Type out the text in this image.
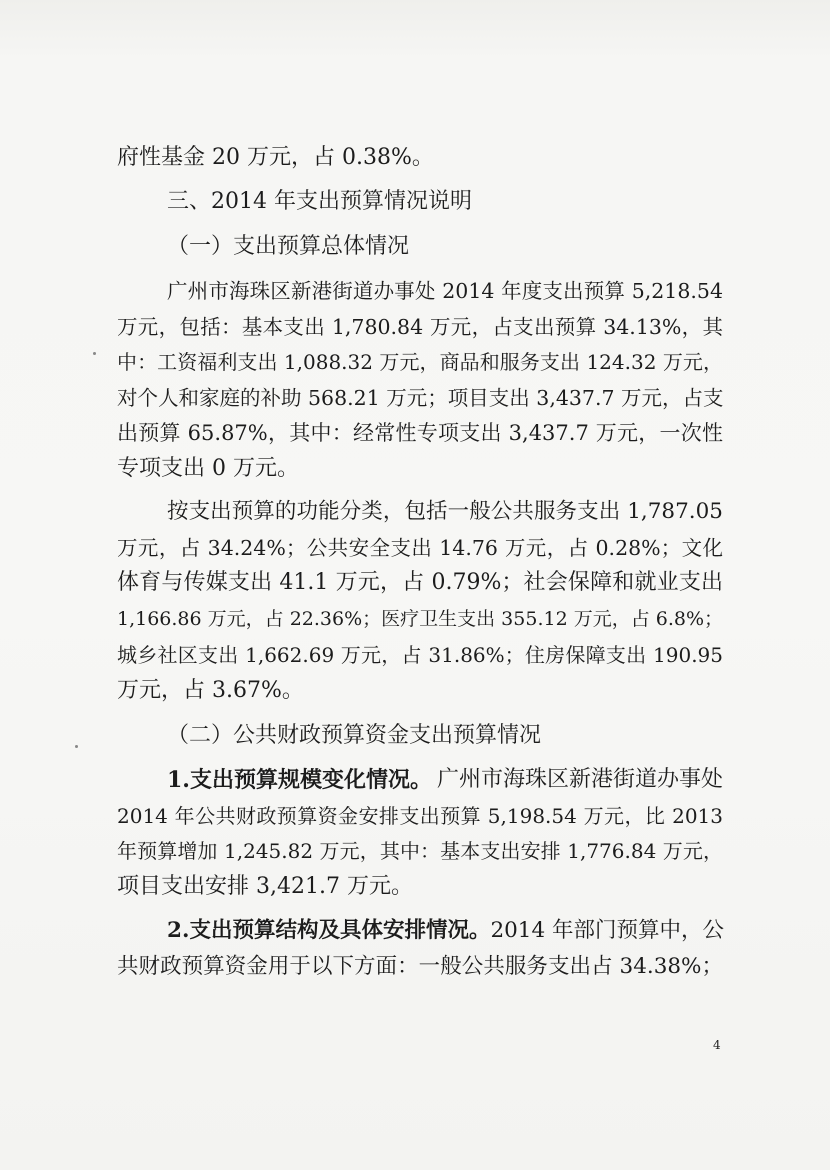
府性基金 20 万元，占 0.38%。
三、2014 年支出预算情况说明
（一）支出预算总体情况
广州市海珠区新港街道办事处 2014 年度支出预算 5,218.54
万元，包括：基本支出 1,780.84 万元，占支出预算 34.13%，其
中：工资福利支出 1,088.32 万元，商品和服务支出 124.32 万元，
对个人和家庭的补助 568.21 万元；项目支出 3,437.7 万元，占支
出预算 65.87%，其中：经常性专项支出 3,437.7 万元，一次性
专项支出 0 万元。
按支出预算的功能分类，包括一般公共服务支出 1,787.05
万元，占 34.24%；公共安全支出 14.76 万元，占 0.28%；文化
体育与传媒支出 41.1 万元，占 0.79%；社会保障和就业支出
1,166.86 万元，占 22.36%；医疗卫生支出 355.12 万元，占 6.8%；
城乡社区支出 1,662.69 万元，占 31.86%；住房保障支出 190.95
万元，占 3.67%。
（二）公共财政预算资金支出预算情况
1.支出预算规模变化情况。 广州市海珠区新港街道办事处
2014 年公共财政预算资金安排支出预算 5,198.54 万元，比 2013
年预算增加 1,245.82 万元，其中：基本支出安排 1,776.84 万元，
项目支出安排 3,421.7 万元。
2.支出预算结构及具体安排情况。 2014 年部门预算中，公
共财政预算资金用于以下方面：一般公共服务支出占 34.38%；
4
